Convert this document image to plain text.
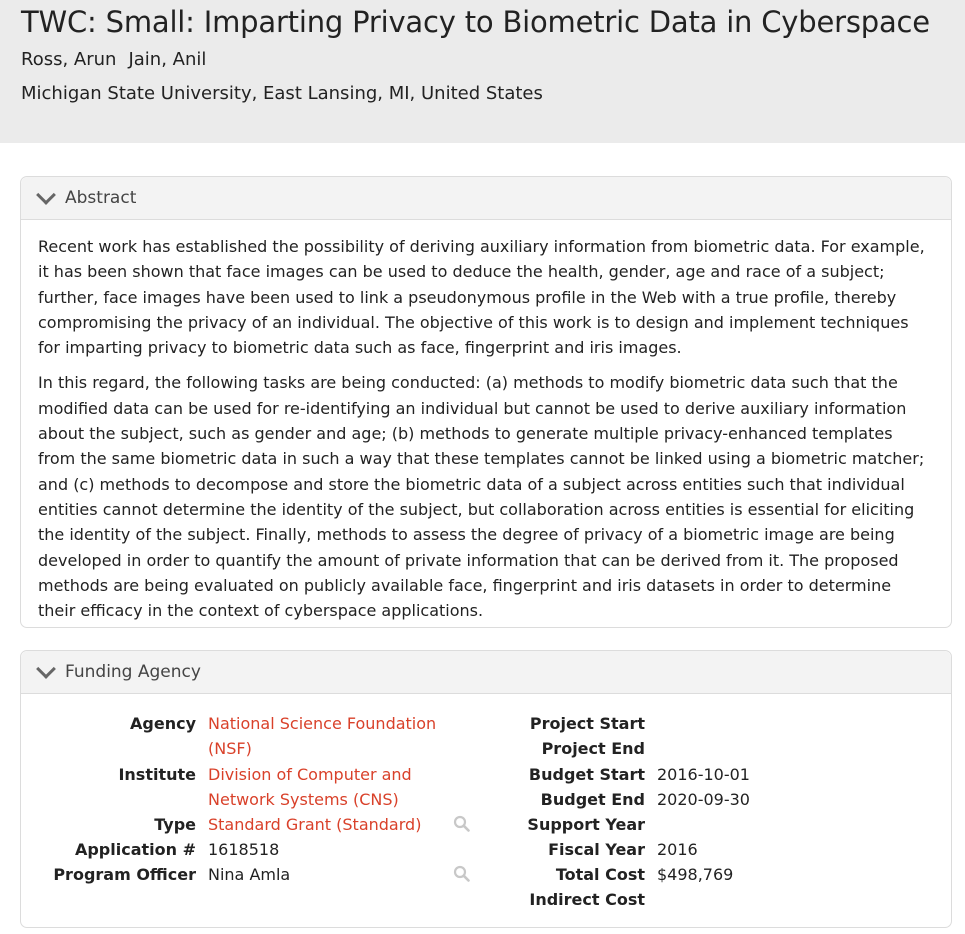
TWC: Small: Imparting Privacy to Biometric Data in Cyberspace
Ross, Arun Jain, Anil
Michigan State University, East Lansing, MI, United States
Abstract

Recent work has established the possibility of deriving auxiliary information from biometric data. For example, it has been shown that face images can be used to deduce the health, gender, age and race of a subject; further, face images have been used to link a pseudonymous profile in the Web with a true profile, thereby compromising the privacy of an individual. The objective of this work is to design and implement techniques for imparting privacy to biometric data such as face, fingerprint and iris images.

In this regard, the following tasks are being conducted: (a) methods to modify biometric data such that the modified data can be used for re-identifying an individual but cannot be used to derive auxiliary information about the subject, such as gender and age; (b) methods to generate multiple privacy-enhanced templates from the same biometric data in such a way that these templates cannot be linked using a biometric matcher; and (c) methods to decompose and store the biometric data of a subject across entities such that individual entities cannot determine the identity of the subject, but collaboration across entities is essential for eliciting the identity of the subject. Finally, methods to assess the degree of privacy of a biometric image are being developed in order to quantify the amount of private information that can be derived from it. The proposed methods are being evaluated on publicly available face, fingerprint and iris datasets in order to determine their efficacy in the context of cyberspace applications.

Funding Agency
Agency National Science Foundation
(NSF)
Institute Division of Computer and
Network Systems (CNS)
Type Standard Grant (Standard)
Application # 1618518
Program Officer Nina Amla
Project Start
Project End
Budget Start 2016-10-01
Budget End 2020-09-30
Support Year
Fiscal Year 2016
Total Cost $498,769
Indirect Cost
